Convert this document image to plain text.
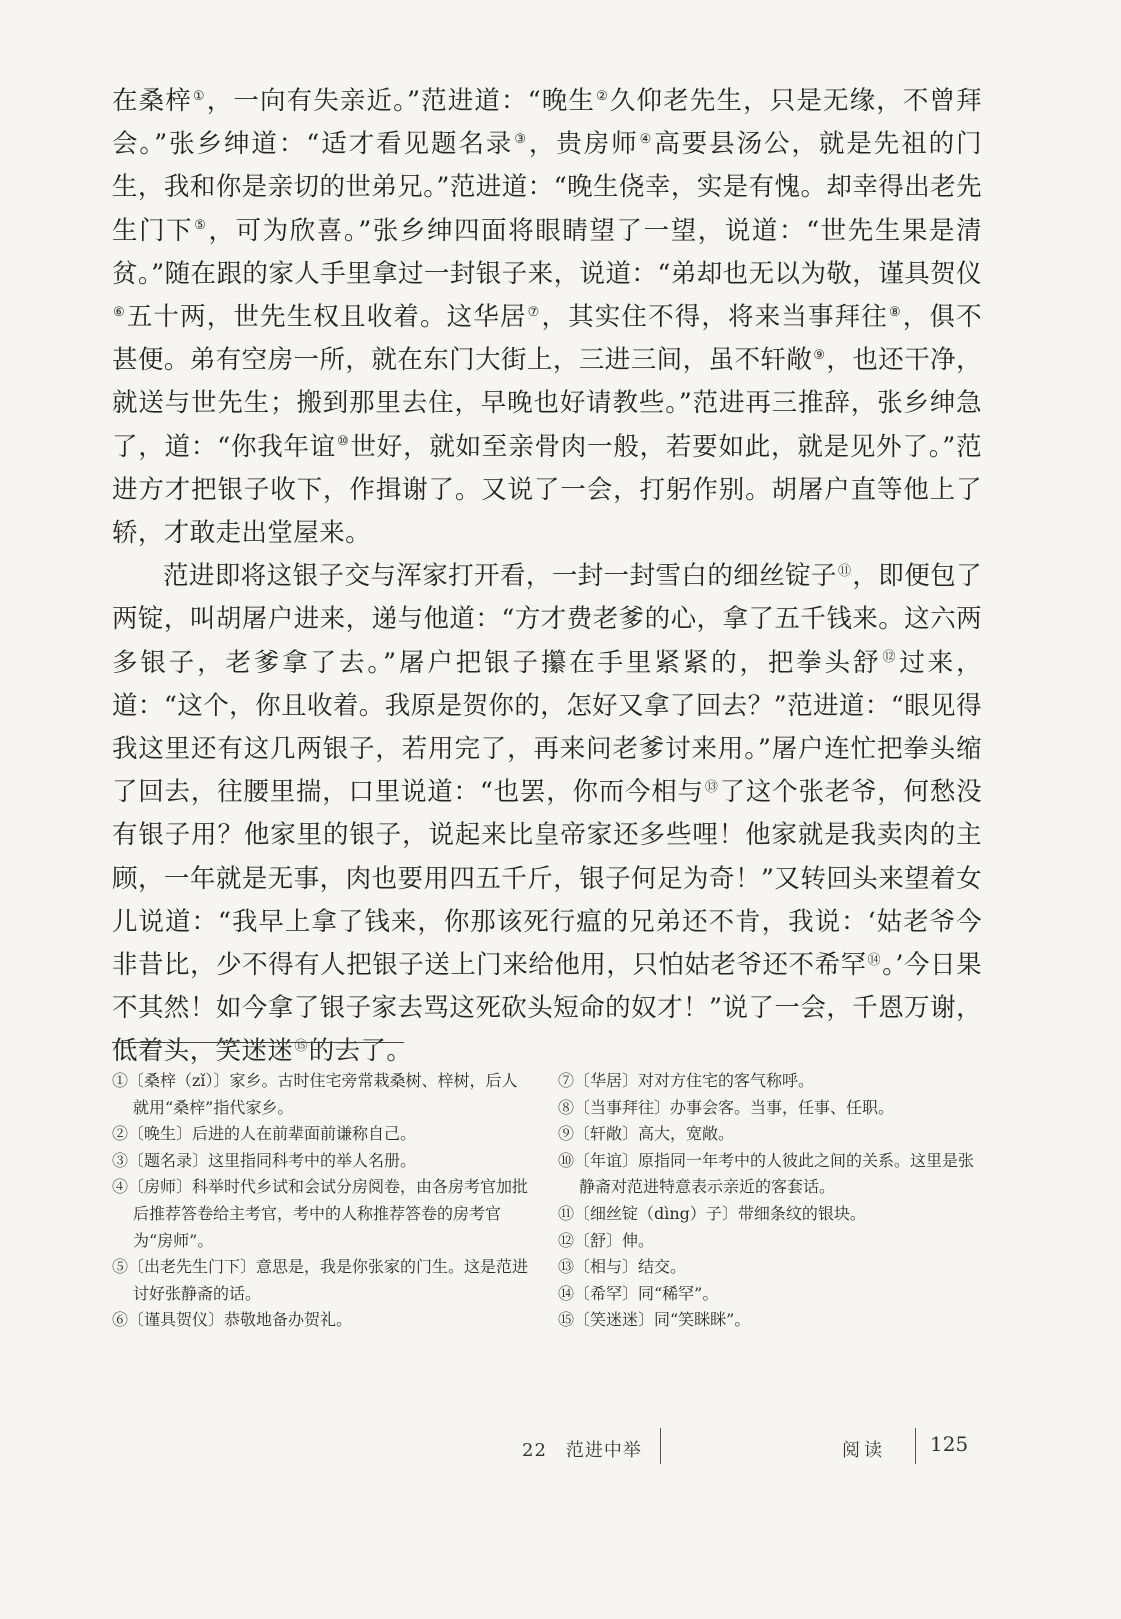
在桑梓①，一向有失亲近。”范进道：“晚生②久仰老先生，只是无缘，不曾拜会。”张乡绅道：“适才看见题名录③，贵房师④高要县汤公，就是先祖的门生，我和你是亲切的世弟兄。”范进道：“晚生侥幸，实是有愧。却幸得出老先生门下⑤，可为欣喜。”张乡绅四面将眼睛望了一望，说道：“世先生果是清贫。”随在跟的家人手里拿过一封银子来，说道：“弟却也无以为敬，谨具贺仪⑥五十两，世先生权且收着。这华居⑦，其实住不得，将来当事拜往⑧，俱不甚便。弟有空房一所，就在东门大街上，三进三间，虽不轩敞⑨，也还干净，就送与世先生；搬到那里去住，早晚也好请教些。”范进再三推辞，张乡绅急了，道：“你我年谊⑩世好，就如至亲骨肉一般，若要如此，就是见外了。”范进方才把银子收下，作揖谢了。又说了一会，打躬作别。胡屠户直等他上了轿，才敢走出堂屋来。

范进即将这银子交与浑家打开看，一封一封雪白的细丝锭子⑪，即便包了两锭，叫胡屠户进来，递与他道：“方才费老爹的心，拿了五千钱来。这六两多银子，老爹拿了去。”屠户把银子攥在手里紧紧的，把拳头舒⑫过来，道：“这个，你且收着。我原是贺你的，怎好又拿了回去？”范进道：“眼见得我这里还有这几两银子，若用完了，再来问老爹讨来用。”屠户连忙把拳头缩了回去，往腰里揣，口里说道：“也罢，你而今相与⑬了这个张老爷，何愁没有银子用？他家里的银子，说起来比皇帝家还多些哩！他家就是我卖肉的主顾，一年就是无事，肉也要用四五千斤，银子何足为奇！”又转回头来望着女儿说道：“我早上拿了钱来，你那该死行瘟的兄弟还不肯，我说：‘姑老爷今非昔比，少不得有人把银子送上门来给他用，只怕姑老爷还不希罕⑭。’今日果不其然！如今拿了银子家去骂这死砍头短命的奴才！”说了一会，千恩万谢，低着头，笑迷迷⑮的去了。

①〔桑梓（zǐ）〕家乡。古时住宅旁常栽桑树、梓树，后人就用“桑梓”指代家乡。

②〔晚生〕后进的人在前辈面前谦称自己。

③〔题名录〕这里指同科考中的举人名册。

④〔房师〕科举时代乡试和会试分房阅卷，由各房考官加批后推荐答卷给主考官，考中的人称推荐答卷的房考官为“房师”。

⑤〔出老先生门下〕意思是，我是你张家的门生。这是范进讨好张静斋的话。

⑥〔谨具贺仪〕恭敬地备办贺礼。

⑦〔华居〕对对方住宅的客气称呼。

⑧〔当事拜往〕办事会客。当事，任事、任职。

⑨〔轩敞〕高大，宽敞。

⑩〔年谊〕原指同一年考中的人彼此之间的关系。这里是张静斋对范进特意表示亲近的客套话。

⑪〔细丝锭（dìng）子〕带细条纹的银块。

⑫〔舒〕伸。

⑬〔相与〕结交。

⑭〔希罕〕同“稀罕”。

⑮〔笑迷迷〕同“笑眯眯”。

22　范进中举	阅读 125
